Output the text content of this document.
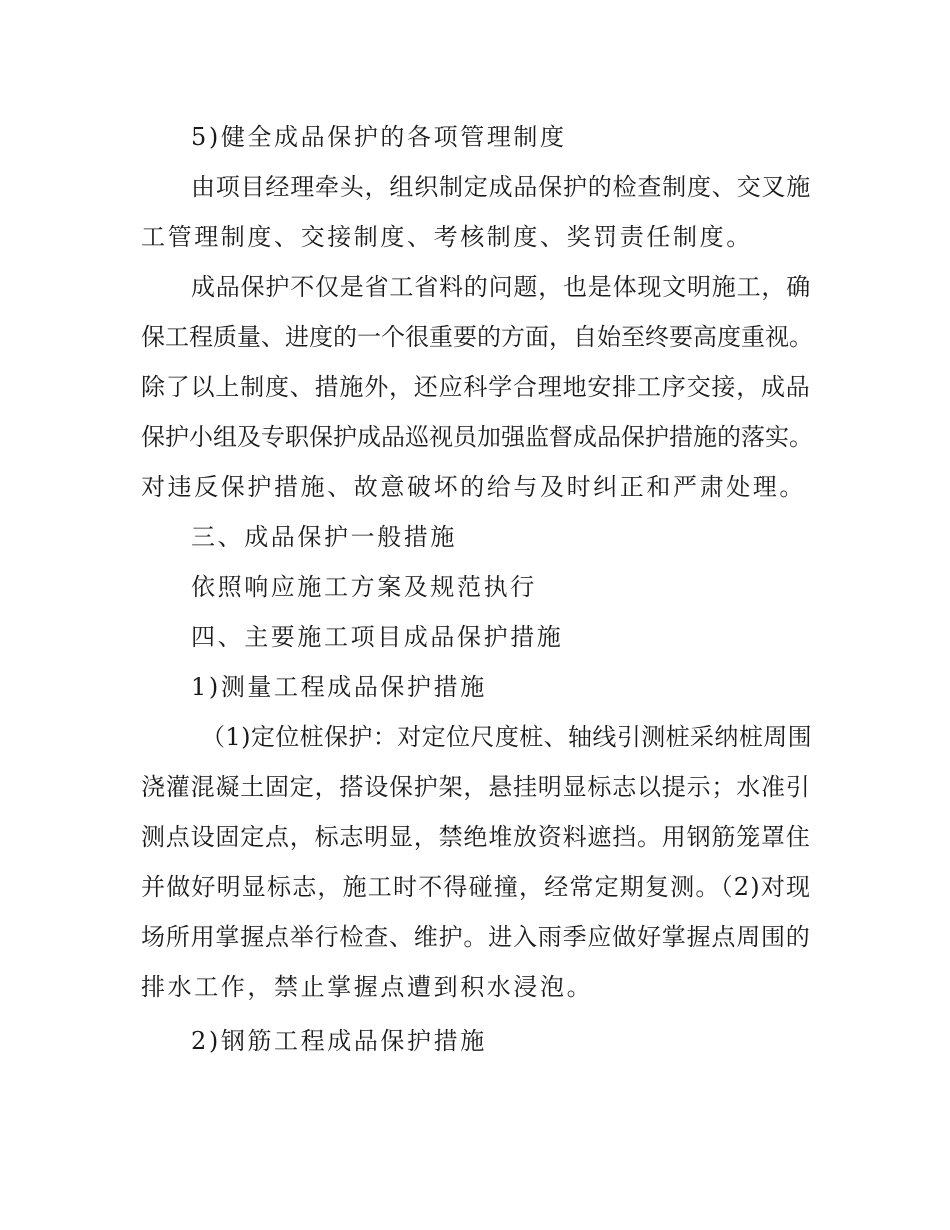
5)健全成品保护的各项管理制度
由项目经理牵头，组织制定成品保护的检查制度、交叉施
工管理制度、交接制度、考核制度、奖罚责任制度。
成品保护不仅是省工省料的问题，也是体现文明施工，确
保工程质量、进度的一个很重要的方面，自始至终要高度重视。
除了以上制度、措施外，还应科学合理地安排工序交接，成品
保护小组及专职保护成品巡视员加强监督成品保护措施的落实。
对违反保护措施、故意破坏的给与及时纠正和严肃处理。
三、成品保护一般措施
依照响应施工方案及规范执行
四、主要施工项目成品保护措施
1)测量工程成品保护措施
（1)定位桩保护：对定位尺度桩、轴线引测桩采纳桩周围
浇灌混凝土固定，搭设保护架，悬挂明显标志以提示；水准引
测点设固定点，标志明显，禁绝堆放资料遮挡。用钢筋笼罩住
并做好明显标志，施工时不得碰撞，经常定期复测。（2)对现
场所用掌握点举行检查、维护。进入雨季应做好掌握点周围的
排水工作，禁止掌握点遭到积水浸泡。
2)钢筋工程成品保护措施
